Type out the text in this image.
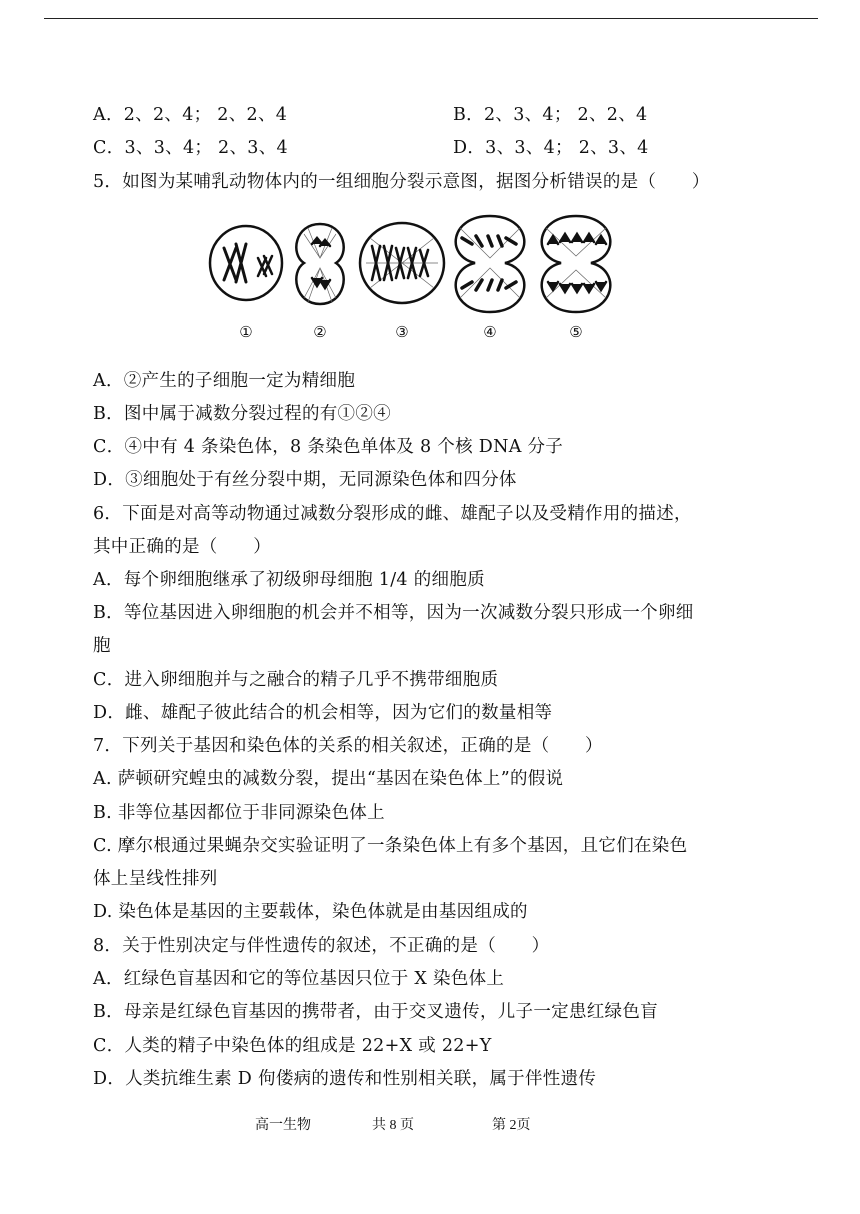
A．2、2、4； 2、2、4	B．2、3、4； 2、2、4
C．3、3、4； 2、3、4	D．3、3、4； 2、3、4
5．如图为某哺乳动物体内的一组细胞分裂示意图，据图分析错误的是（　　）
①	②	③	④	⑤
A．②产生的子细胞一定为精细胞
B．图中属于减数分裂过程的有①②④
C．④中有 4 条染色体，8 条染色单体及 8 个核 DNA 分子
D．③细胞处于有丝分裂中期，无同源染色体和四分体
6．下面是对高等动物通过减数分裂形成的雌、雄配子以及受精作用的描述，
其中正确的是（　　）
A．每个卵细胞继承了初级卵母细胞 1/4 的细胞质
B．等位基因进入卵细胞的机会并不相等，因为一次减数分裂只形成一个卵细
胞
C．进入卵细胞并与之融合的精子几乎不携带细胞质
D．雌、雄配子彼此结合的机会相等，因为它们的数量相等
7．下列关于基因和染色体的关系的相关叙述，正确的是（　　）
A. 萨顿研究蝗虫的减数分裂，提出“基因在染色体上”的假说
B. 非等位基因都位于非同源染色体上
C. 摩尔根通过果蝇杂交实验证明了一条染色体上有多个基因，且它们在染色
体上呈线性排列
D. 染色体是基因的主要载体，染色体就是由基因组成的
8．关于性别决定与伴性遗传的叙述，不正确的是（　　）
A．红绿色盲基因和它的等位基因只位于 X 染色体上
B．母亲是红绿色盲基因的携带者，由于交叉遗传，儿子一定患红绿色盲
C．人类的精子中染色体的组成是 22+X 或 22+Y
D．人类抗维生素 D 佝偻病的遗传和性别相关联，属于伴性遗传
高一生物	共 8 页	第 2页
